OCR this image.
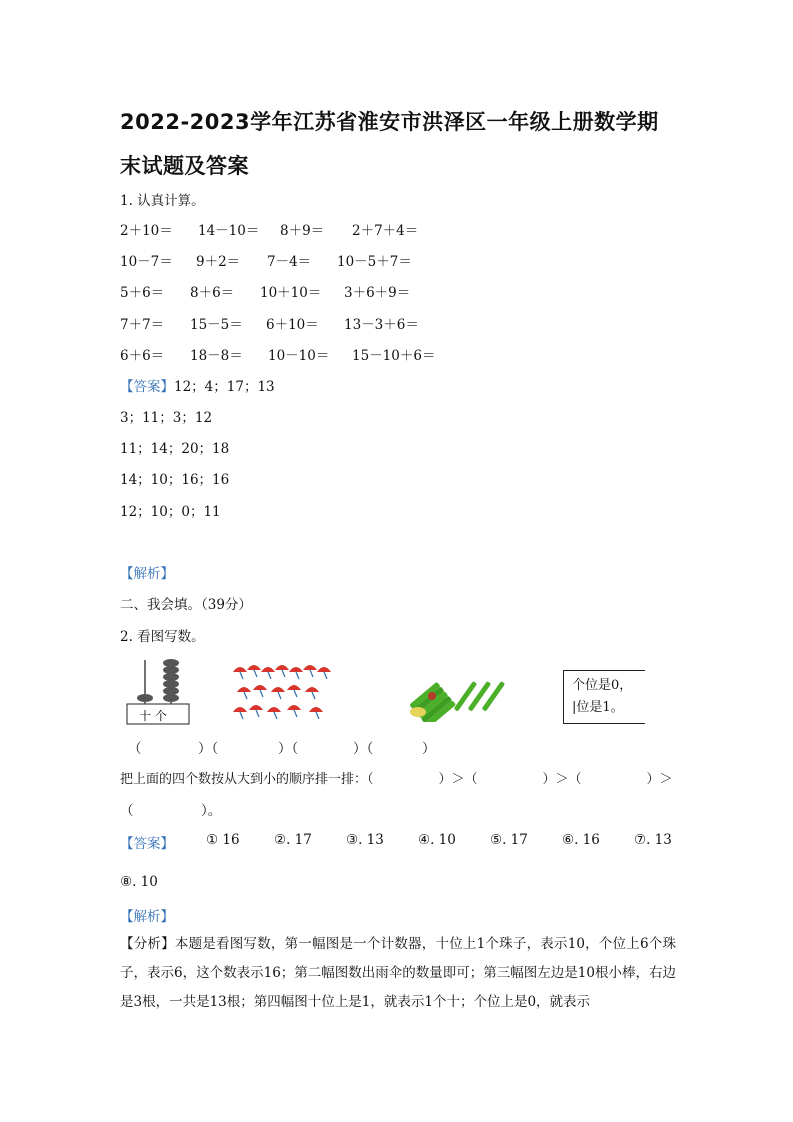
2022-2023学年江苏省淮安市洪泽区一年级上册数学期末试题及答案
1. 认真计算。
2＋10＝ 14－10＝ 8＋9＝ 2＋7＋4＝
10－7＝ 9＋2＝ 7－4＝ 10－5＋7＝
5＋6＝ 8＋6＝ 10＋10＝ 3＋6＋9＝
7＋7＝ 15－5＝ 6＋10＝ 13－3＋6＝
6＋6＝ 18－8＝ 10－10＝ 15－10＋6＝
【答案】12；4；17；13
3；11；3；12
11；14；20；18
14；10；16；16
12；10；0；11
【解析】
二、我会填。（39分）
2. 看图写数。
十 个
个位是0，
|位是1。
（	）（	）（	）（	）
把上面的四个数按从大到小的顺序排一排：（　　　　　）＞（　　　　　）＞（　　　　　）＞
（　　　　　）。
【答案】 ① 16	②. 17	③. 13	④. 10	⑤. 17	⑥. 16	⑦. 13
⑧. 10
【解析】
【分析】本题是看图写数，第一幅图是一个计数器，十位上1个珠子，表示10，个位上6个珠子，表示6，这个数表示16；第二幅图数出雨伞的数量即可；第三幅图左边是10根小棒，右边是3根，一共是13根；第四幅图十位上是1，就表示1个十；个位上是0，就表示
